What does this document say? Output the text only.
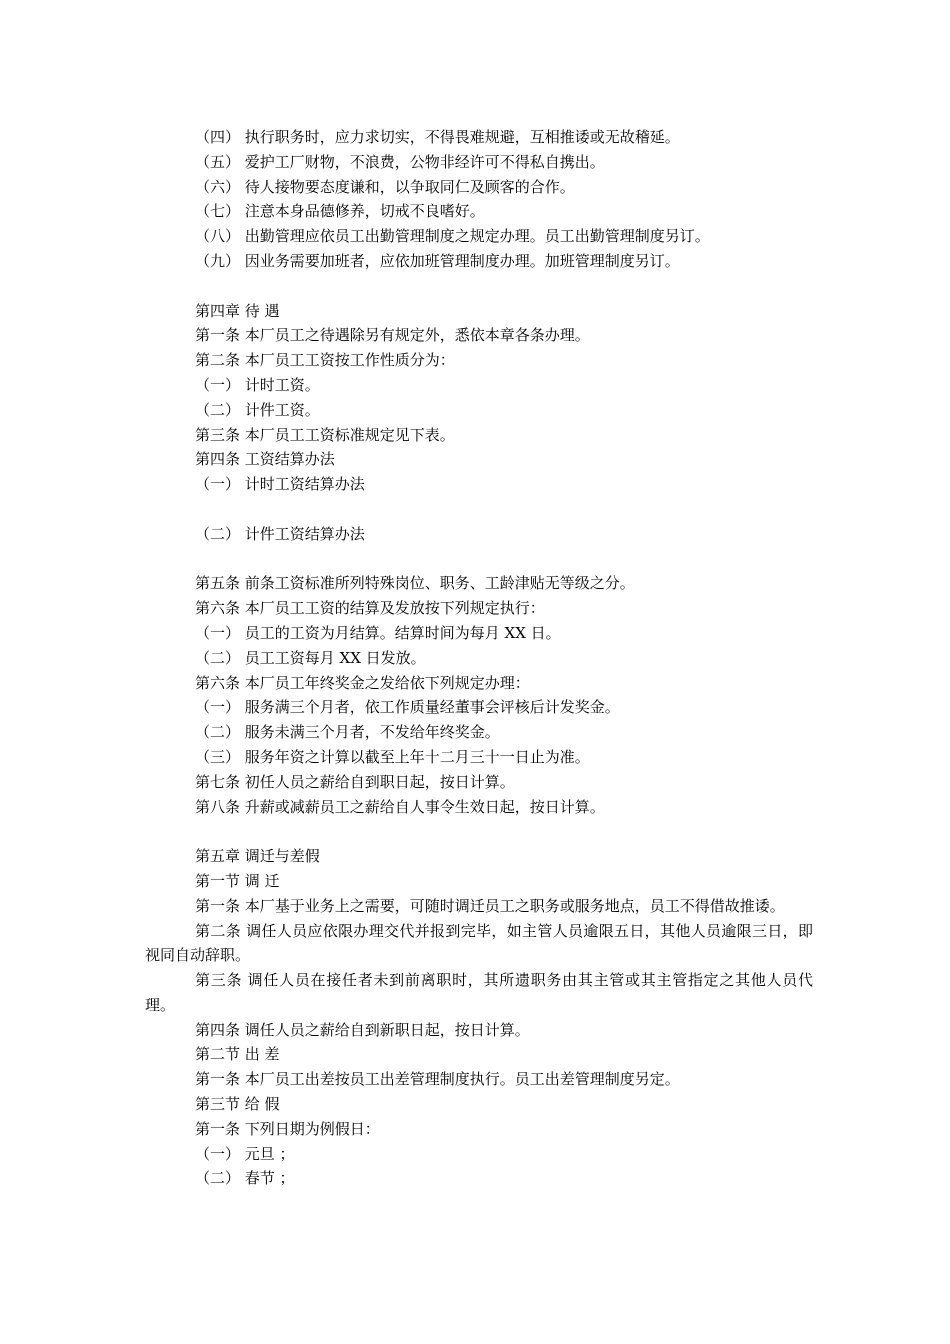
（四） 执行职务时，应力求切实，不得畏难规避，互相推诿或无故稽延。
（五） 爱护工厂财物，不浪费，公物非经许可不得私自携出。
（六） 待人接物要态度谦和，以争取同仁及顾客的合作。
（七） 注意本身品德修养，切戒不良嗜好。
（八） 出勤管理应依员工出勤管理制度之规定办理。员工出勤管理制度另订。
（九） 因业务需要加班者，应依加班管理制度办理。加班管理制度另订。
第四章 待 遇
第一条 本厂员工之待遇除另有规定外，悉依本章各条办理。
第二条 本厂员工工资按工作性质分为：
（一） 计时工资。
（二） 计件工资。
第三条 本厂员工工资标准规定见下表。
第四条 工资结算办法
（一） 计时工资结算办法
（二） 计件工资结算办法
第五条 前条工资标准所列特殊岗位、职务、工龄津贴无等级之分。
第六条 本厂员工工资的结算及发放按下列规定执行：
（一） 员工的工资为月结算。结算时间为每月 XX 日。
（二） 员工工资每月 XX 日发放。
第六条 本厂员工年终奖金之发给依下列规定办理：
（一） 服务满三个月者，依工作质量经董事会评核后计发奖金。
（二） 服务未满三个月者，不发给年终奖金。
（三） 服务年资之计算以截至上年十二月三十一日止为准。
第七条 初任人员之薪给自到职日起，按日计算。
第八条 升薪或减薪员工之薪给自人事令生效日起，按日计算。
第五章 调迁与差假
第一节 调 迁
第一条 本厂基于业务上之需要，可随时调迁员工之职务或服务地点，员工不得借故推诿。
第二条 调任人员应依限办理交代并报到完毕，如主管人员逾限五日，其他人员逾限三日，即视同自动辞职。
第三条 调任人员在接任者未到前离职时，其所遗职务由其主管或其主管指定之其他人员代理。
第四条 调任人员之薪给自到新职日起，按日计算。
第二节 出 差
第一条 本厂员工出差按员工出差管理制度执行。员工出差管理制度另定。
第三节 给 假
第一条 下列日期为例假日：
（一） 元旦 ；
（二） 春节 ；
